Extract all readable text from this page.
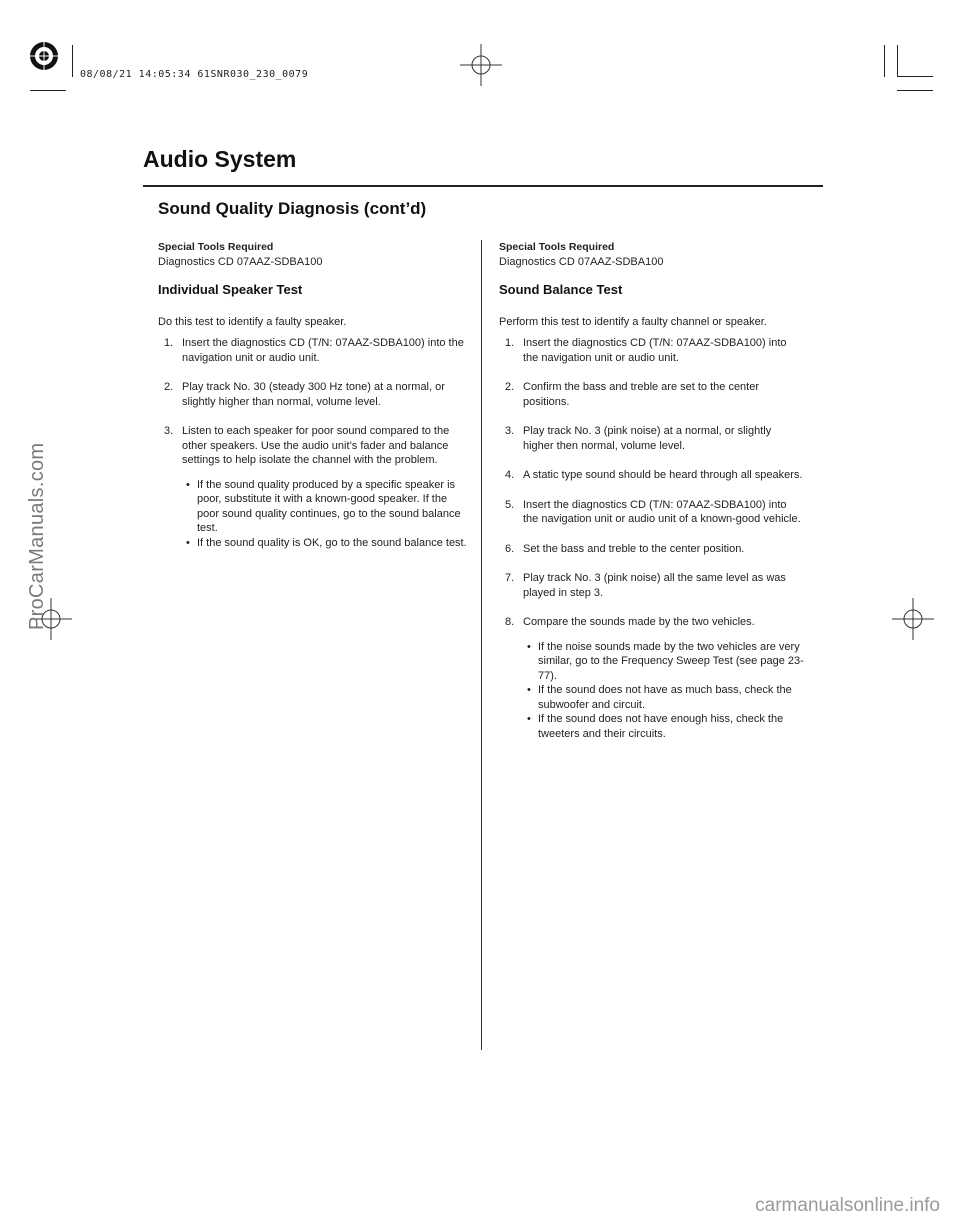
08/08/21 14:05:34 61SNR030_230_0079
Audio System
Sound Quality Diagnosis (cont’d)
Special Tools Required
Diagnostics CD 07AAZ-SDBA100
Individual Speaker Test

Do this test to identify a faulty speaker.

1. Insert the diagnostics CD (T/N: 07AAZ-SDBA100) into the navigation unit or audio unit.
2. Play track No. 30 (steady 300 Hz tone) at a normal, or slightly higher than normal, volume level.
3. Listen to each speaker for poor sound compared to the other speakers. Use the audio unit’s fader and balance settings to help isolate the channel with the problem.
• If the sound quality produced by a specific speaker is poor, substitute it with a known-good speaker. If the poor sound quality continues, go to the sound balance test.
• If the sound quality is OK, go to the sound balance test.
Special Tools Required
Diagnostics CD 07AAZ-SDBA100
Sound Balance Test

Perform this test to identify a faulty channel or speaker.

1. Insert the diagnostics CD (T/N: 07AAZ-SDBA100) into the navigation unit or audio unit.
2. Confirm the bass and treble are set to the center positions.
3. Play track No. 3 (pink noise) at a normal, or slightly higher then normal, volume level.
4. A static type sound should be heard through all speakers.
5. Insert the diagnostics CD (T/N: 07AAZ-SDBA100) into the navigation unit or audio unit of a known-good vehicle.
6. Set the bass and treble to the center position.
7. Play track No. 3 (pink noise) all the same level as was played in step 3.
8. Compare the sounds made by the two vehicles.
• If the noise sounds made by the two vehicles are very similar, go to the Frequency Sweep Test (see page 23-77).
• If the sound does not have as much bass, check the subwoofer and circuit.
• If the sound does not have enough hiss, check the tweeters and their circuits.
ProCarManuals.com
carmanualsonline.info
